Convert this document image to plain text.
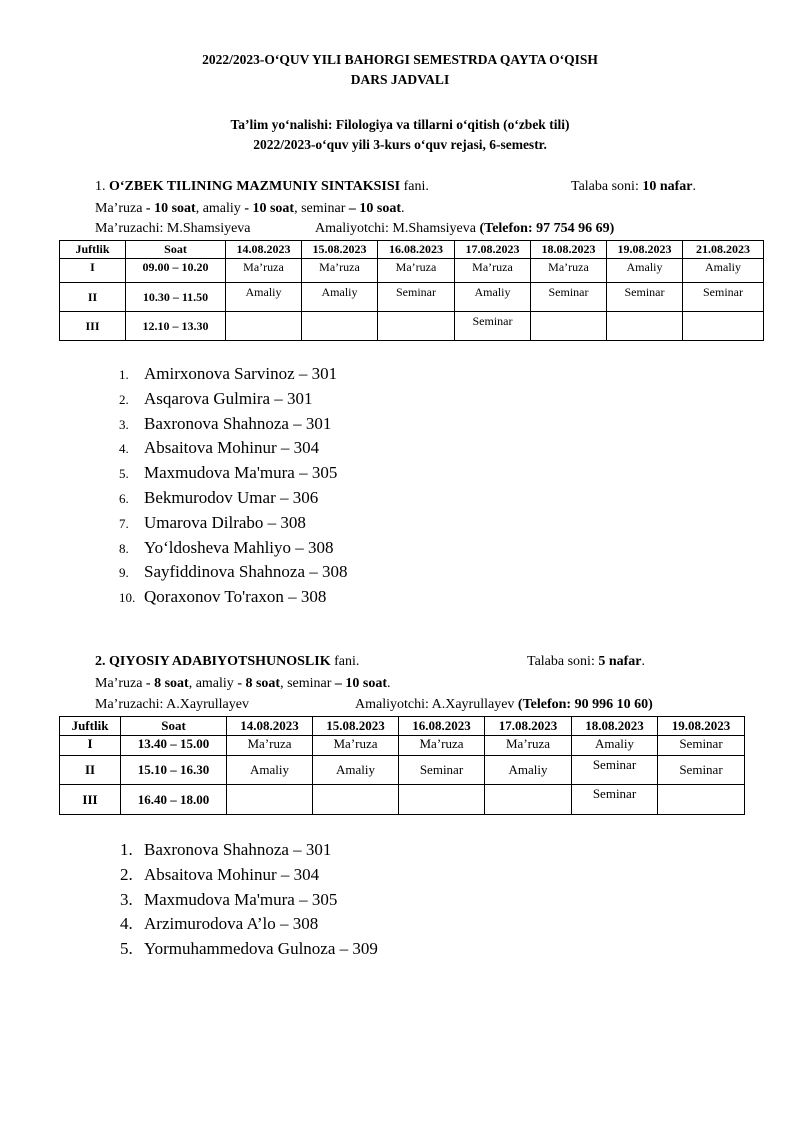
2022/2023-O‘QUV YILI BAHORGI SEMESTRDA QAYTA O‘QISH
DARS JADVALI
Ta’lim yo‘nalishi: Filologiya va tillarni o‘qitish (o‘zbek tili)
2022/2023-o‘quv yili 3-kurs o‘quv rejasi, 6-semestr.
1. O‘ZBEK TILINING MAZMUNIY SINTAKSISI fani.	Talaba soni: 10 nafar.
Ma’ruza - 10 soat, amaliy - 10 soat, seminar – 10 soat.
Ma’ruzachi: M.Shamsiyeva	Amaliyotchi: M.Shamsiyeva (Telefon: 97 754 96 69)
Juftlik	Soat	14.08.2023	15.08.2023	16.08.2023	17.08.2023	18.08.2023	19.08.2023	21.08.2023
I	09.00 – 10.20	Ma’ruza	Ma’ruza	Ma’ruza	Ma’ruza	Ma’ruza	Amaliy	Amaliy
II	10.30 – 11.50	Amaliy	Amaliy	Seminar	Amaliy	Seminar	Seminar	Seminar
III	12.10 – 13.30				Seminar			
1. Amirxonova Sarvinoz – 301
2. Asqarova Gulmira – 301
3. Baxronova Shahnoza – 301
4. Absaitova Mohinur – 304
5. Maxmudova Ma'mura – 305
6. Bekmurodov Umar – 306
7. Umarova Dilrabo – 308
8. Yo‘ldosheva Mahliyo – 308
9. Sayfiddinova Shahnoza – 308
10. Qoraxonov To'raxon – 308
2. QIYOSIY ADABIYOTSHUNOSLIK fani.	Talaba soni: 5 nafar.
Ma’ruza - 8 soat, amaliy - 8 soat, seminar – 10 soat.
Ma’ruzachi: A.Xayrullayev	Amaliyotchi: A.Xayrullayev (Telefon: 90 996 10 60)
Juftlik	Soat	14.08.2023	15.08.2023	16.08.2023	17.08.2023	18.08.2023	19.08.2023
I	13.40 – 15.00	Ma’ruza	Ma’ruza	Ma’ruza	Ma’ruza	Amaliy	Seminar
II	15.10 – 16.30	Amaliy	Amaliy	Seminar	Amaliy	Seminar	Seminar
III	16.40 – 18.00					Seminar	
1. Baxronova Shahnoza – 301
2. Absaitova Mohinur – 304
3. Maxmudova Ma'mura – 305
4. Arzimurodova A’lo – 308
5. Yormuhammedova Gulnoza – 309
